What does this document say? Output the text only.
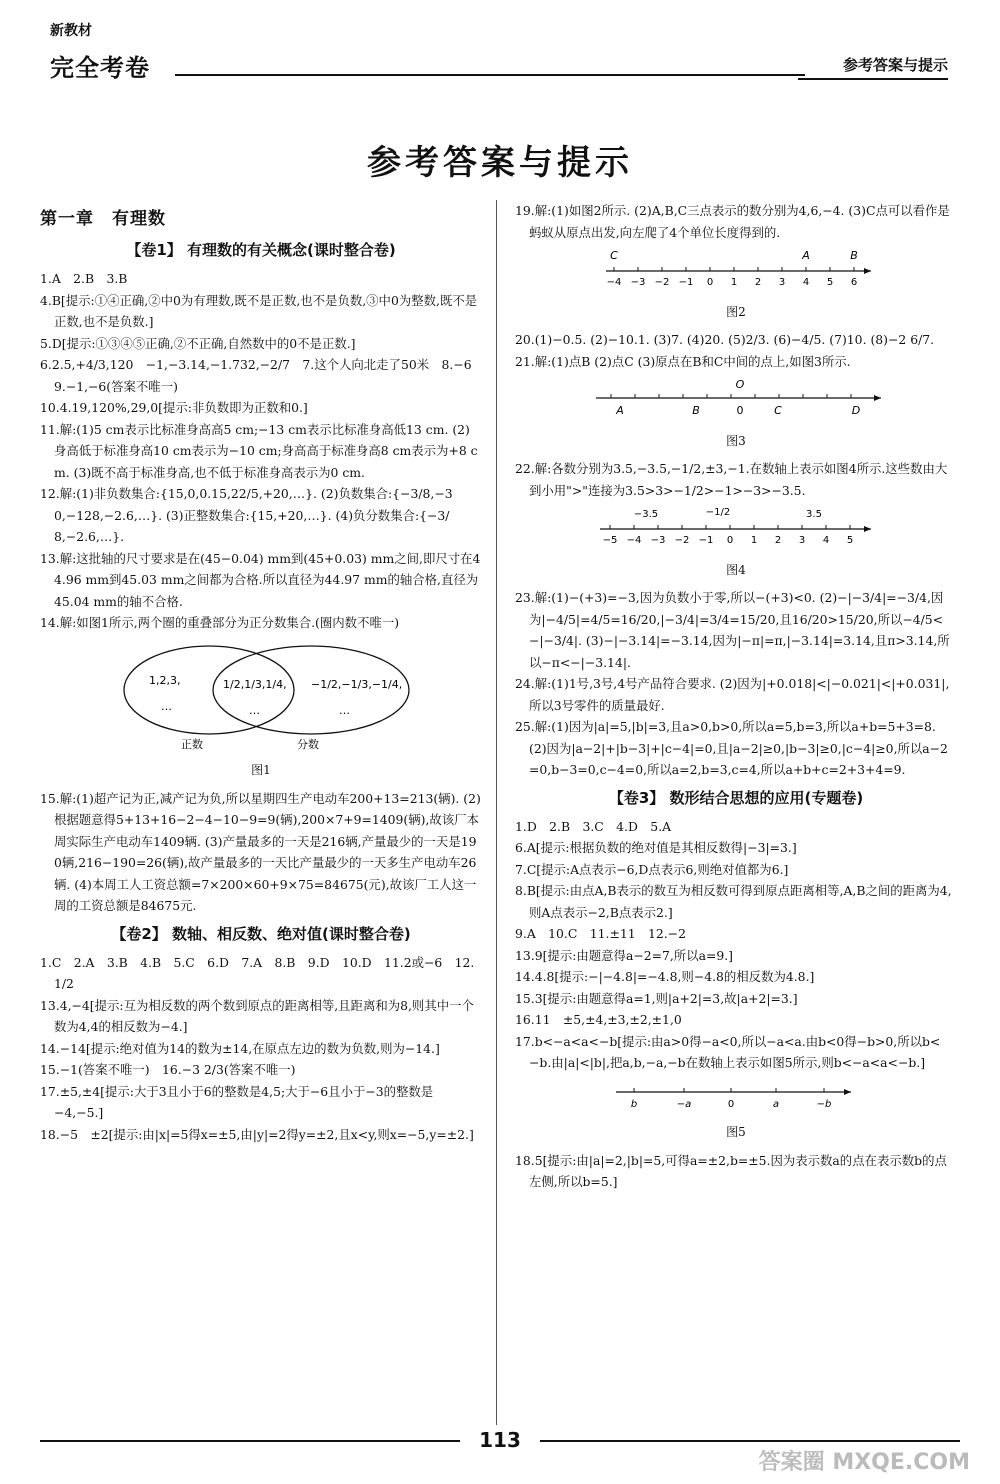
新教材
完全考卷	参考答案与提示
参考答案与提示
第一章　有理数
【卷1】 有理数的有关概念(课时整合卷)

1.A　2.B　3.B

4.B[提示:①④正确,②中0为有理数,既不是正数,也不是负数,③中0为整数,既不是正数,也不是负数.]

5.D[提示:①③④⑤正确,②不正确,自然数中的0不是正数.]

6.2.5,+4/3,120　−1,−3.14,−1.732,−2/7　7.这个人向北走了50米　8.−6　9.−1,−6(答案不唯一)

10.4.19,120%,29,0[提示:非负数即为正数和0.]

11.解:(1)5 cm表示比标准身高高5 cm;−13 cm表示比标准身高低13 cm. (2)身高低于标准身高10 cm表示为−10 cm;身高高于标准身高8 cm表示为+8 cm. (3)既不高于标准身高,也不低于标准身高表示为0 cm.

12.解:(1)非负数集合:{15,0,0.15,22/5,+20,…}. (2)负数集合:{−3/8,−30,−128,−2.6,…}. (3)正整数集合:{15,+20,…}. (4)负分数集合:{−3/8,−2.6,…}.

13.解:这批轴的尺寸要求是在(45−0.04) mm到(45+0.03) mm之间,即尺寸在44.96 mm到45.03 mm之间都为合格.所以直径为44.97 mm的轴合格,直径为45.04 mm的轴不合格.

14.解:如图1所示,两个圈的重叠部分为正分数集合.(圈内数不唯一)

1,2,3,
…
1/2,1/3,1/4,
…
−1/2,−1/3,−1/4,
…
正数	分数
图1

15.解:(1)超产记为正,减产记为负,所以星期四生产电动车200+13=213(辆). (2)根据题意得5+13+16−2−4−10−9=9(辆),200×7+9=1409(辆),故该厂本周实际生产电动车1409辆. (3)产量最多的一天是216辆,产量最少的一天是190辆,216−190=26(辆),故产量最多的一天比产量最少的一天多生产电动车26辆. (4)本周工人工资总额=7×200×60+9×75=84675(元),故该厂工人这一周的工资总额是84675元.

【卷2】 数轴、相反数、绝对值(课时整合卷)

1.C　2.A　3.B　4.B　5.C　6.D　7.A　8.B　9.D　10.D　11.2或−6　12.1/2

13.4,−4[提示:互为相反数的两个数到原点的距离相等,且距离和为8,则其中一个数为4,4的相反数为−4.]

14.−14[提示:绝对值为14的数为±14,在原点左边的数为负数,则为−14.]

15.−1(答案不唯一)　16.−3 2/3(答案不唯一)

17.±5,±4[提示:大于3且小于6的整数是4,5;大于−6且小于−3的整数是−4,−5.]

18.−5　±2[提示:由|x|=5得x=±5,由|y|=2得y=±2,且x<y,则x=−5,y=±2.]

19.解:(1)如图2所示. (2)A,B,C三点表示的数分别为4,6,−4. (3)C点可以看作是蚂蚁从原点出发,向左爬了4个单位长度得到的.

−4 −3 −2 −1 0 1 2 3 4 5 6
C	A	B
图2

20.(1)−0.5. (2)−10.1. (3)7. (4)20. (5)2/3. (6)−4/5. (7)10. (8)−2 6/7.

21.解:(1)点B (2)点C (3)原点在B和C中间的点上,如图3所示.

A	B
O
0	C	D
图3

22.解:各数分别为3.5,−3.5,−1/2,±3,−1.在数轴上表示如图4所示.这些数由大到小用">"连接为3.5>3>−1/2>−1>−3>−3.5.

−5 −4 −3 −2 −1 0 1 2 3 4 5
−3.5	−1/2	3.5
图4

23.解:(1)−(+3)=−3,因为负数小于零,所以−(+3)<0. (2)−|−3/4|=−3/4,因为|−4/5|=4/5=16/20,|−3/4|=3/4=15/20,且16/20>15/20,所以−4/5<−|−3/4|. (3)−|−3.14|=−3.14,因为|−π|=π,|−3.14|=3.14,且π>3.14,所以−π<−|−3.14|.

24.解:(1)1号,3号,4号产品符合要求. (2)因为|+0.018|<|−0.021|<|+0.031|,所以3号零件的质量最好.

25.解:(1)因为|a|=5,|b|=3,且a>0,b>0,所以a=5,b=3,所以a+b=5+3=8. (2)因为|a−2|+|b−3|+|c−4|=0,且|a−2|≥0,|b−3|≥0,|c−4|≥0,所以a−2=0,b−3=0,c−4=0,所以a=2,b=3,c=4,所以a+b+c=2+3+4=9.

【卷3】 数形结合思想的应用(专题卷)

1.D　2.B　3.C　4.D　5.A

6.A[提示:根据负数的绝对值是其相反数得|−3|=3.]

7.C[提示:A点表示−6,D点表示6,则绝对值都为6.]

8.B[提示:由点A,B表示的数互为相反数可得到原点距离相等,A,B之间的距离为4,则A点表示−2,B点表示2.]

9.A　10.C　11.±11　12.−2

13.9[提示:由题意得a−2=7,所以a=9.]

14.4.8[提示:−|−4.8|=−4.8,则−4.8的相反数为4.8.]

15.3[提示:由题意得a=1,则|a+2|=3,故|a+2|=3.]

16.11　±5,±4,±3,±2,±1,0

17.b<−a<a<−b[提示:由a>0得−a<0,所以−a<a.由b<0得−b>0,所以b<−b.由|a|<|b|,把a,b,−a,−b在数轴上表示如图5所示,则b<−a<a<−b.]

b	−a	0	a	−b
图5

18.5[提示:由|a|=2,|b|=5,可得a=±2,b=±5.因为表示数a的点在表示数b的点左侧,所以b=5.]

113
答案圈 MXQE.COM
